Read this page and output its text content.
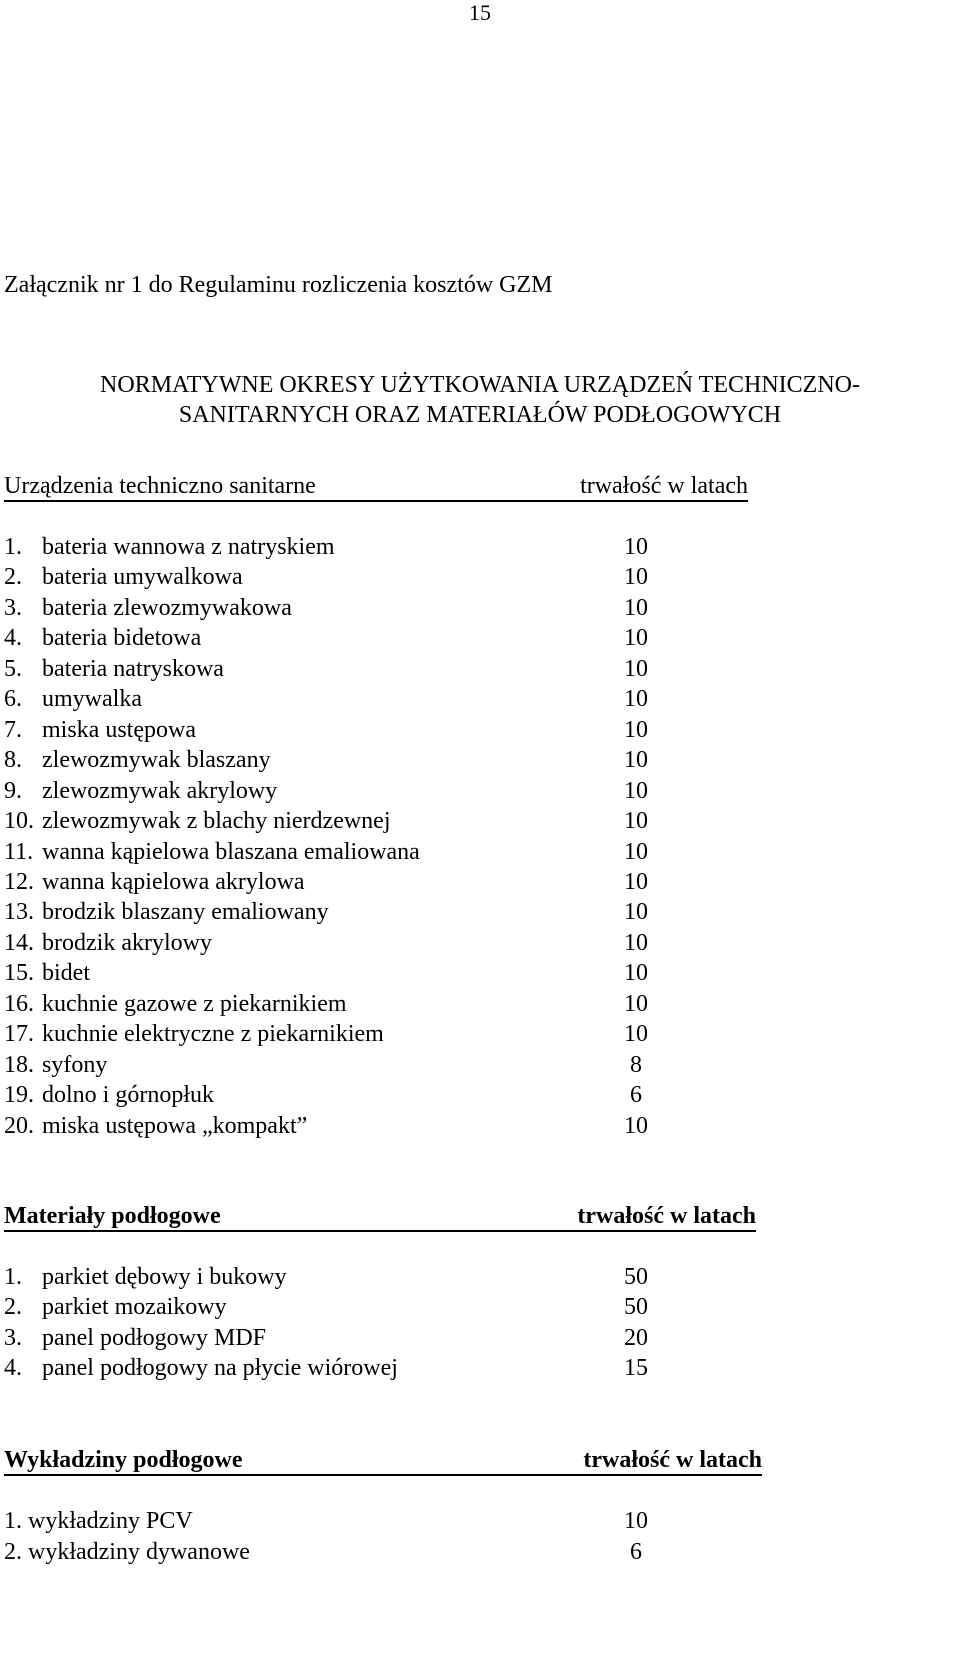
15
Załącznik nr 1 do Regulaminu rozliczenia kosztów GZM
NORMATYWNE OKRESY UŻYTKOWANIA URZĄDZEŃ TECHNICZNO-
SANITARNYCH ORAZ MATERIAŁÓW PODŁOGOWYCH
Urządzenia techniczno sanitarne	trwałość w latach
1. bateria wannowa z natryskiem	10
2. bateria umywalkowa	10
3. bateria zlewozmywakowa	10
4. bateria bidetowa	10
5. bateria natryskowa	10
6. umywalka	10
7. miska ustępowa	10
8. zlewozmywak blaszany	10
9. zlewozmywak akrylowy	10
10. zlewozmywak z blachy nierdzewnej	10
11. wanna kąpielowa blaszana emaliowana	10
12. wanna kąpielowa akrylowa	10
13. brodzik blaszany emaliowany	10
14. brodzik akrylowy	10
15. bidet	10
16. kuchnie gazowe z piekarnikiem	10
17. kuchnie elektryczne z piekarnikiem	10
18. syfony	8
19. dolno i górnopłuk	6
20. miska ustępowa „kompakt”	10
Materiały podłogowe	trwałość w latach
1. parkiet dębowy i bukowy	50
2. parkiet mozaikowy	50
3. panel podłogowy MDF	20
4. panel podłogowy na płycie wiórowej	15
Wykładziny podłogowe	trwałość w latach
1. wykładziny PCV	10
2. wykładziny dywanowe	6
